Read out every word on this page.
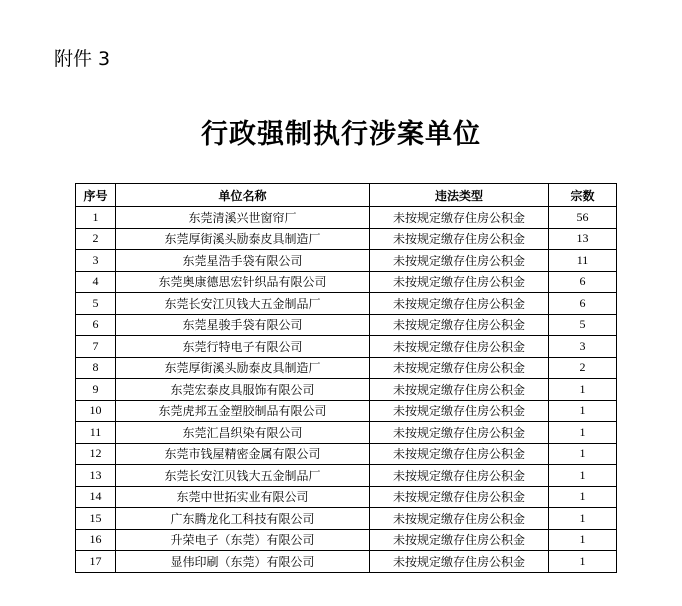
附件 3
行政强制执行涉案单位
序号	单位名称	违法类型	宗数
1	东莞清溪兴世窗帘厂	未按规定缴存住房公积金	56
2	东莞厚街溪头励泰皮具制造厂	未按规定缴存住房公积金	13
3	东莞星浩手袋有限公司	未按规定缴存住房公积金	11
4	东莞奥康德思宏针织品有限公司	未按规定缴存住房公积金	6
5	东莞长安江贝钱大五金制品厂	未按规定缴存住房公积金	6
6	东莞星骏手袋有限公司	未按规定缴存住房公积金	5
7	东莞行特电子有限公司	未按规定缴存住房公积金	3
8	东莞厚街溪头励泰皮具制造厂	未按规定缴存住房公积金	2
9	东莞宏泰皮具服饰有限公司	未按规定缴存住房公积金	1
10	东莞虎邦五金塑胶制品有限公司	未按规定缴存住房公积金	1
11	东莞汇昌织染有限公司	未按规定缴存住房公积金	1
12	东莞市钱屋精密金属有限公司	未按规定缴存住房公积金	1
13	东莞长安江贝钱大五金制品厂	未按规定缴存住房公积金	1
14	东莞中世拓实业有限公司	未按规定缴存住房公积金	1
15	广东腾龙化工科技有限公司	未按规定缴存住房公积金	1
16	升荣电子（东莞）有限公司	未按规定缴存住房公积金	1
17	显伟印刷（东莞）有限公司	未按规定缴存住房公积金	1
